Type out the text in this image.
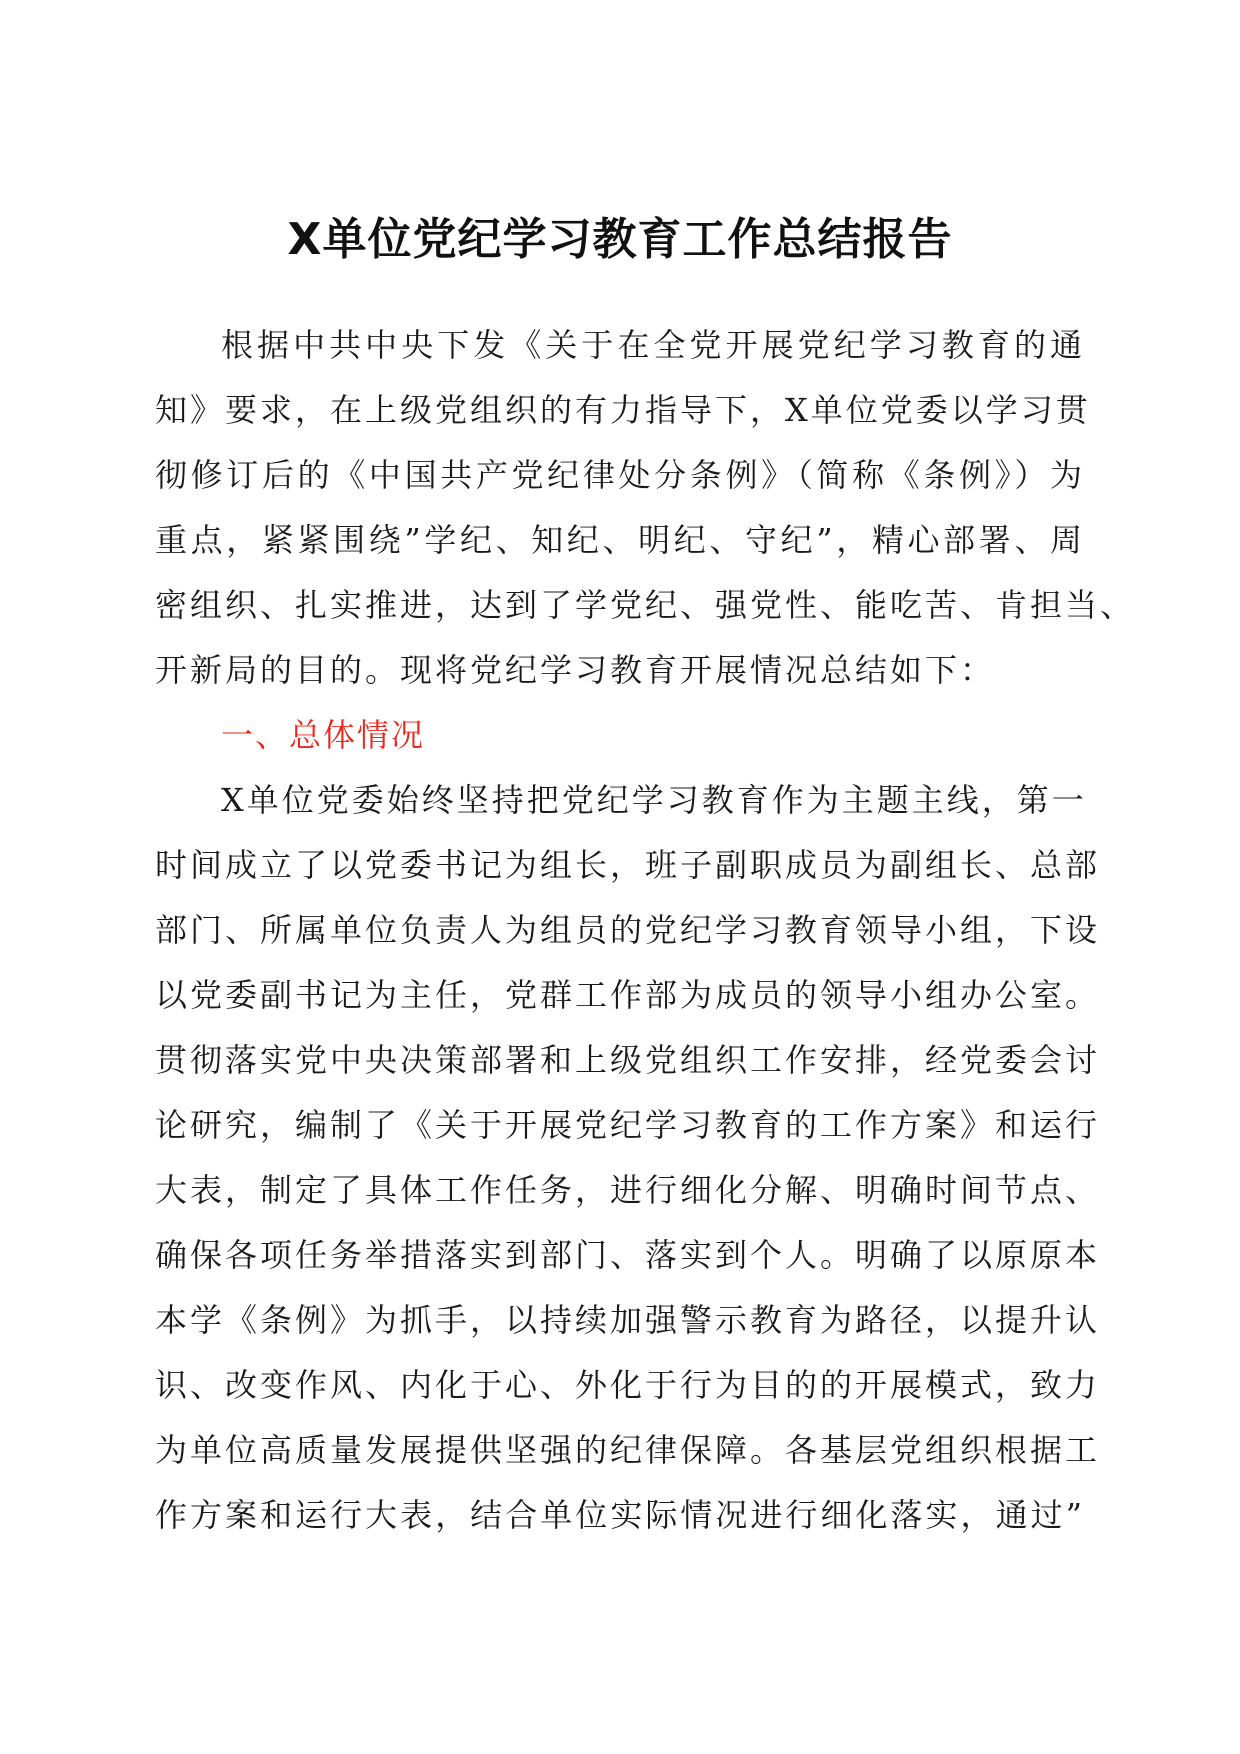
X单位党纪学习教育工作总结报告
根据中共中央下发《关于在全党开展党纪学习教育的通
知》要求，在上级党组织的有力指导下，X单位党委以学习贯
彻修订后的《中国共产党纪律处分条例》（简称《条例》）为
重点，紧紧围绕”学纪、知纪、明纪、守纪”，精心部署、周
密组织、扎实推进，达到了学党纪、强党性、能吃苦、肯担当、
开新局的目的。现将党纪学习教育开展情况总结如下：
一、总体情况
X单位党委始终坚持把党纪学习教育作为主题主线，第一
时间成立了以党委书记为组长，班子副职成员为副组长、总部
部门、所属单位负责人为组员的党纪学习教育领导小组，下设
以党委副书记为主任，党群工作部为成员的领导小组办公室。
贯彻落实党中央决策部署和上级党组织工作安排，经党委会讨
论研究，编制了《关于开展党纪学习教育的工作方案》和运行
大表，制定了具体工作任务，进行细化分解、明确时间节点、
确保各项任务举措落实到部门、落实到个人。明确了以原原本
本学《条例》为抓手，以持续加强警示教育为路径，以提升认
识、改变作风、内化于心、外化于行为目的的开展模式，致力
为单位高质量发展提供坚强的纪律保障。各基层党组织根据工
作方案和运行大表，结合单位实际情况进行细化落实，通过”
